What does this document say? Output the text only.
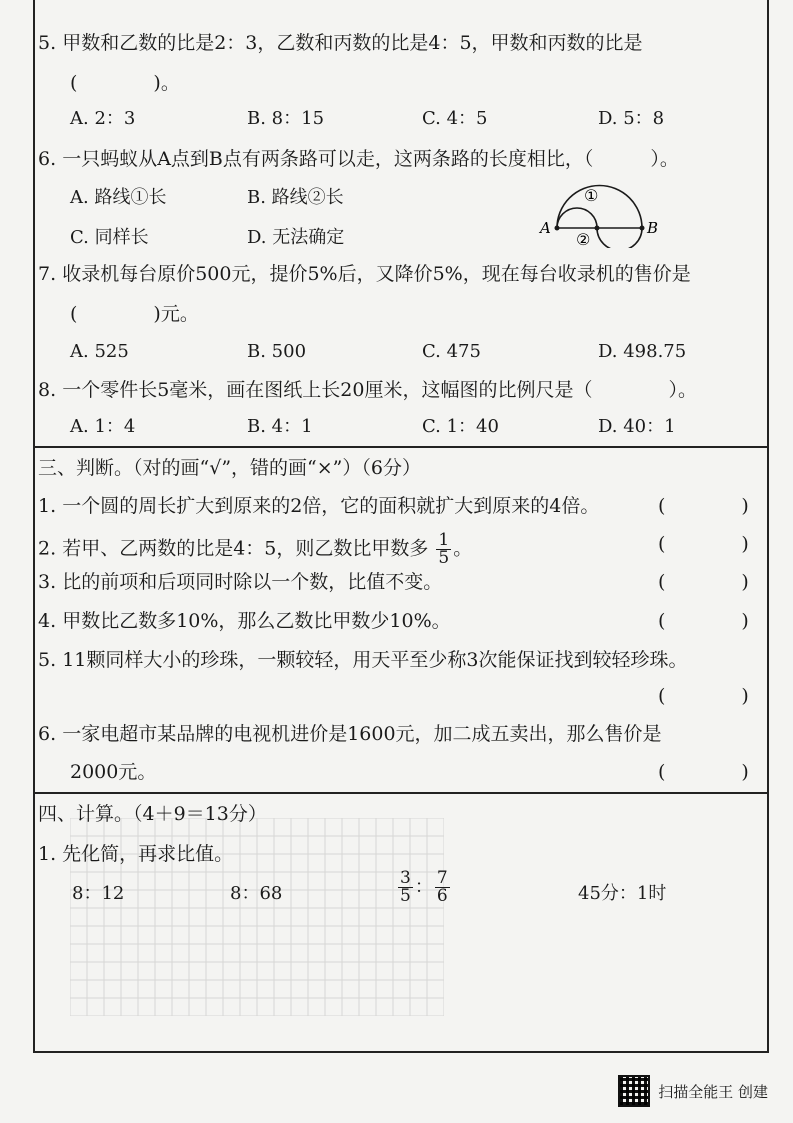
5. 甲数和乙数的比是2：3，乙数和丙数的比是4：5，甲数和丙数的比是
(　　　　)。
A. 2：3	B. 8：15	C. 4：5	D. 5：8
6. 一只蚂蚁从A点到B点有两条路可以走，这两条路的长度相比，（　　　）。
A. 路线①长	B. 路线②长
C. 同样长	D. 无法确定	A	B
①
②
7. 收录机每台原价500元，提价5%后，又降价5%，现在每台收录机的售价是
(　　　　)元。
A. 525	B. 500	C. 475	D. 498.75
8. 一个零件长5毫米，画在图纸上长20厘米，这幅图的比例尺是（　　　　）。
A. 1：4	B. 4：1	C. 1：40	D. 40：1
三、判断。（对的画“√”，错的画“×”）（6分）
1. 一个圆的周长扩大到原来的2倍，它的面积就扩大到原来的4倍。	(　　　　)
2. 若甲、乙两数的比是4：5，则乙数比甲数多 $\frac{1}{5}$ 。	(　　　　)
3. 比的前项和后项同时除以一个数，比值不变。	(　　　　)
4. 甲数比乙数多10%，那么乙数比甲数少10%。	(　　　　)
5. 11颗同样大小的珍珠，一颗较轻，用天平至少称3次能保证找到较轻珍珠。
(　　　　)
6. 一家电超市某品牌的电视机进价是1600元，加二成五卖出，那么售价是
2000元。	(　　　　)
四、计算。（4＋9＝13分）
1. 先化简，再求比值。
8：12	8：68	$\frac{3}{5}$ ： $\frac{7}{6}$	45分：1时
扫描全能王 创建
